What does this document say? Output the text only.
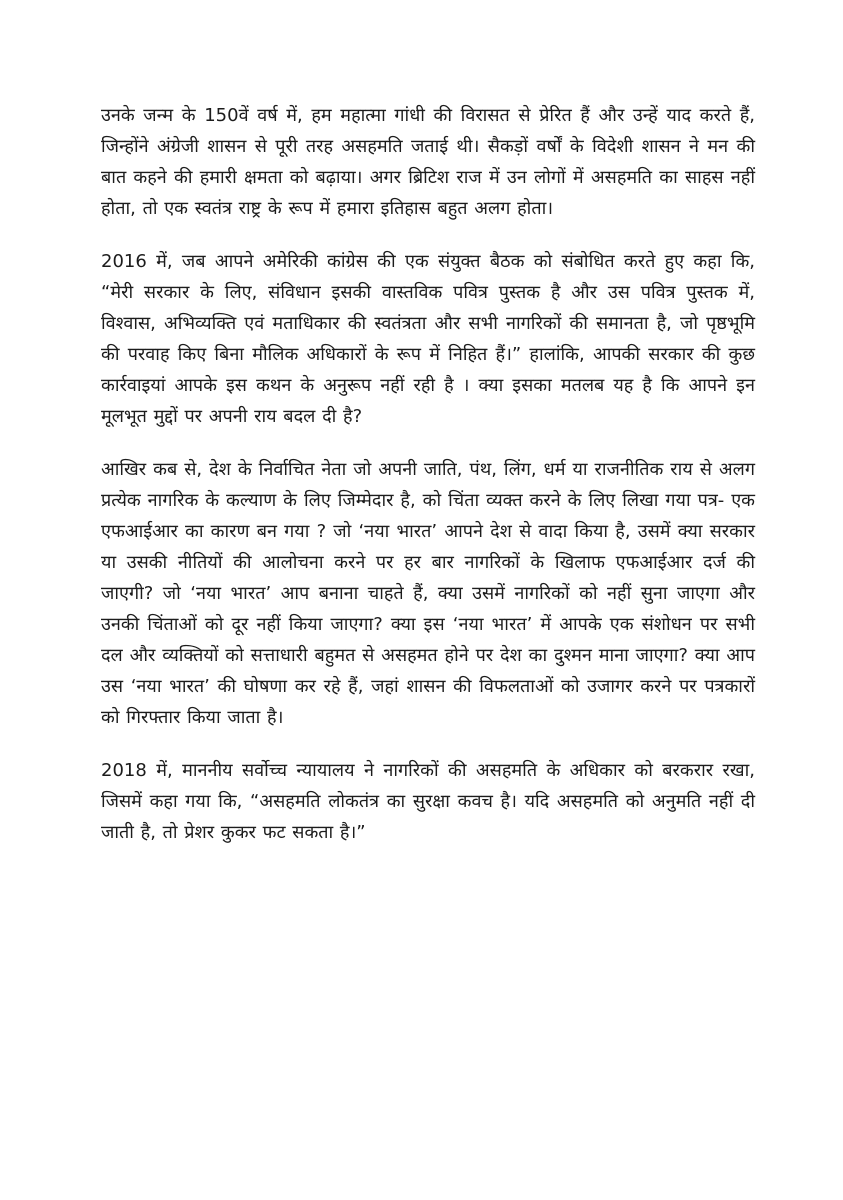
उनके जन्म के 150वें वर्ष में, हम महात्मा गांधी की विरासत से प्रेरित हैं और उन्हें याद करते हैं, जिन्होंने अंग्रेजी शासन से पूरी तरह असहमति जताई थी। सैकड़ों वर्षों के विदेशी शासन ने मन की बात कहने की हमारी क्षमता को बढ़ाया। अगर ब्रिटिश राज में उन लोगों में असहमति का साहस नहीं होता, तो एक स्वतंत्र राष्ट्र के रूप में हमारा इतिहास बहुत अलग होता।

2016 में, जब आपने अमेरिकी कांग्रेस की एक संयुक्त बैठक को संबोधित करते हुए कहा कि, “मेरी सरकार के लिए, संविधान इसकी वास्तविक पवित्र पुस्तक है और उस पवित्र पुस्तक में, विश्वास, अभिव्यक्ति एवं मताधिकार की स्वतंत्रता और सभी नागरिकों की समानता है, जो पृष्ठभूमि की परवाह किए बिना मौलिक अधिकारों के रूप में निहित हैं।” हालांकि, आपकी सरकार की कुछ कार्रवाइयां आपके इस कथन के अनुरूप नहीं रही है । क्या इसका मतलब यह है कि आपने इन मूलभूत मुद्दों पर अपनी राय बदल दी है?

आखिर कब से, देश के निर्वाचित नेता जो अपनी जाति, पंथ, लिंग, धर्म या राजनीतिक राय से अलग प्रत्येक नागरिक के कल्याण के लिए जिम्मेदार है, को चिंता व्यक्त करने के लिए लिखा गया पत्र- एक एफआईआर का कारण बन गया ? जो ‘नया भारत’ आपने देश से वादा किया है, उसमें क्या सरकार या उसकी नीतियों की आलोचना करने पर हर बार नागरिकों के खिलाफ एफआईआर दर्ज की जाएगी? जो ‘नया भारत’ आप बनाना चाहते हैं, क्या उसमें नागरिकों को नहीं सुना जाएगा और उनकी चिंताओं को दूर नहीं किया जाएगा? क्या इस ‘नया भारत’ में आपके एक संशोधन पर सभी दल और व्यक्तियों को सत्ताधारी बहुमत से असहमत होने पर देश का दुश्मन माना जाएगा? क्या आप उस ‘नया भारत’ की घोषणा कर रहे हैं, जहां शासन की विफलताओं को उजागर करने पर पत्रकारों को गिरफ्तार किया जाता है।

2018 में, माननीय सर्वोच्च न्यायालय ने नागरिकों की असहमति के अधिकार को बरकरार रखा, जिसमें कहा गया कि, “असहमति लोकतंत्र का सुरक्षा कवच है। यदि असहमति को अनुमति नहीं दी जाती है, तो प्रेशर कुकर फट सकता है।”
